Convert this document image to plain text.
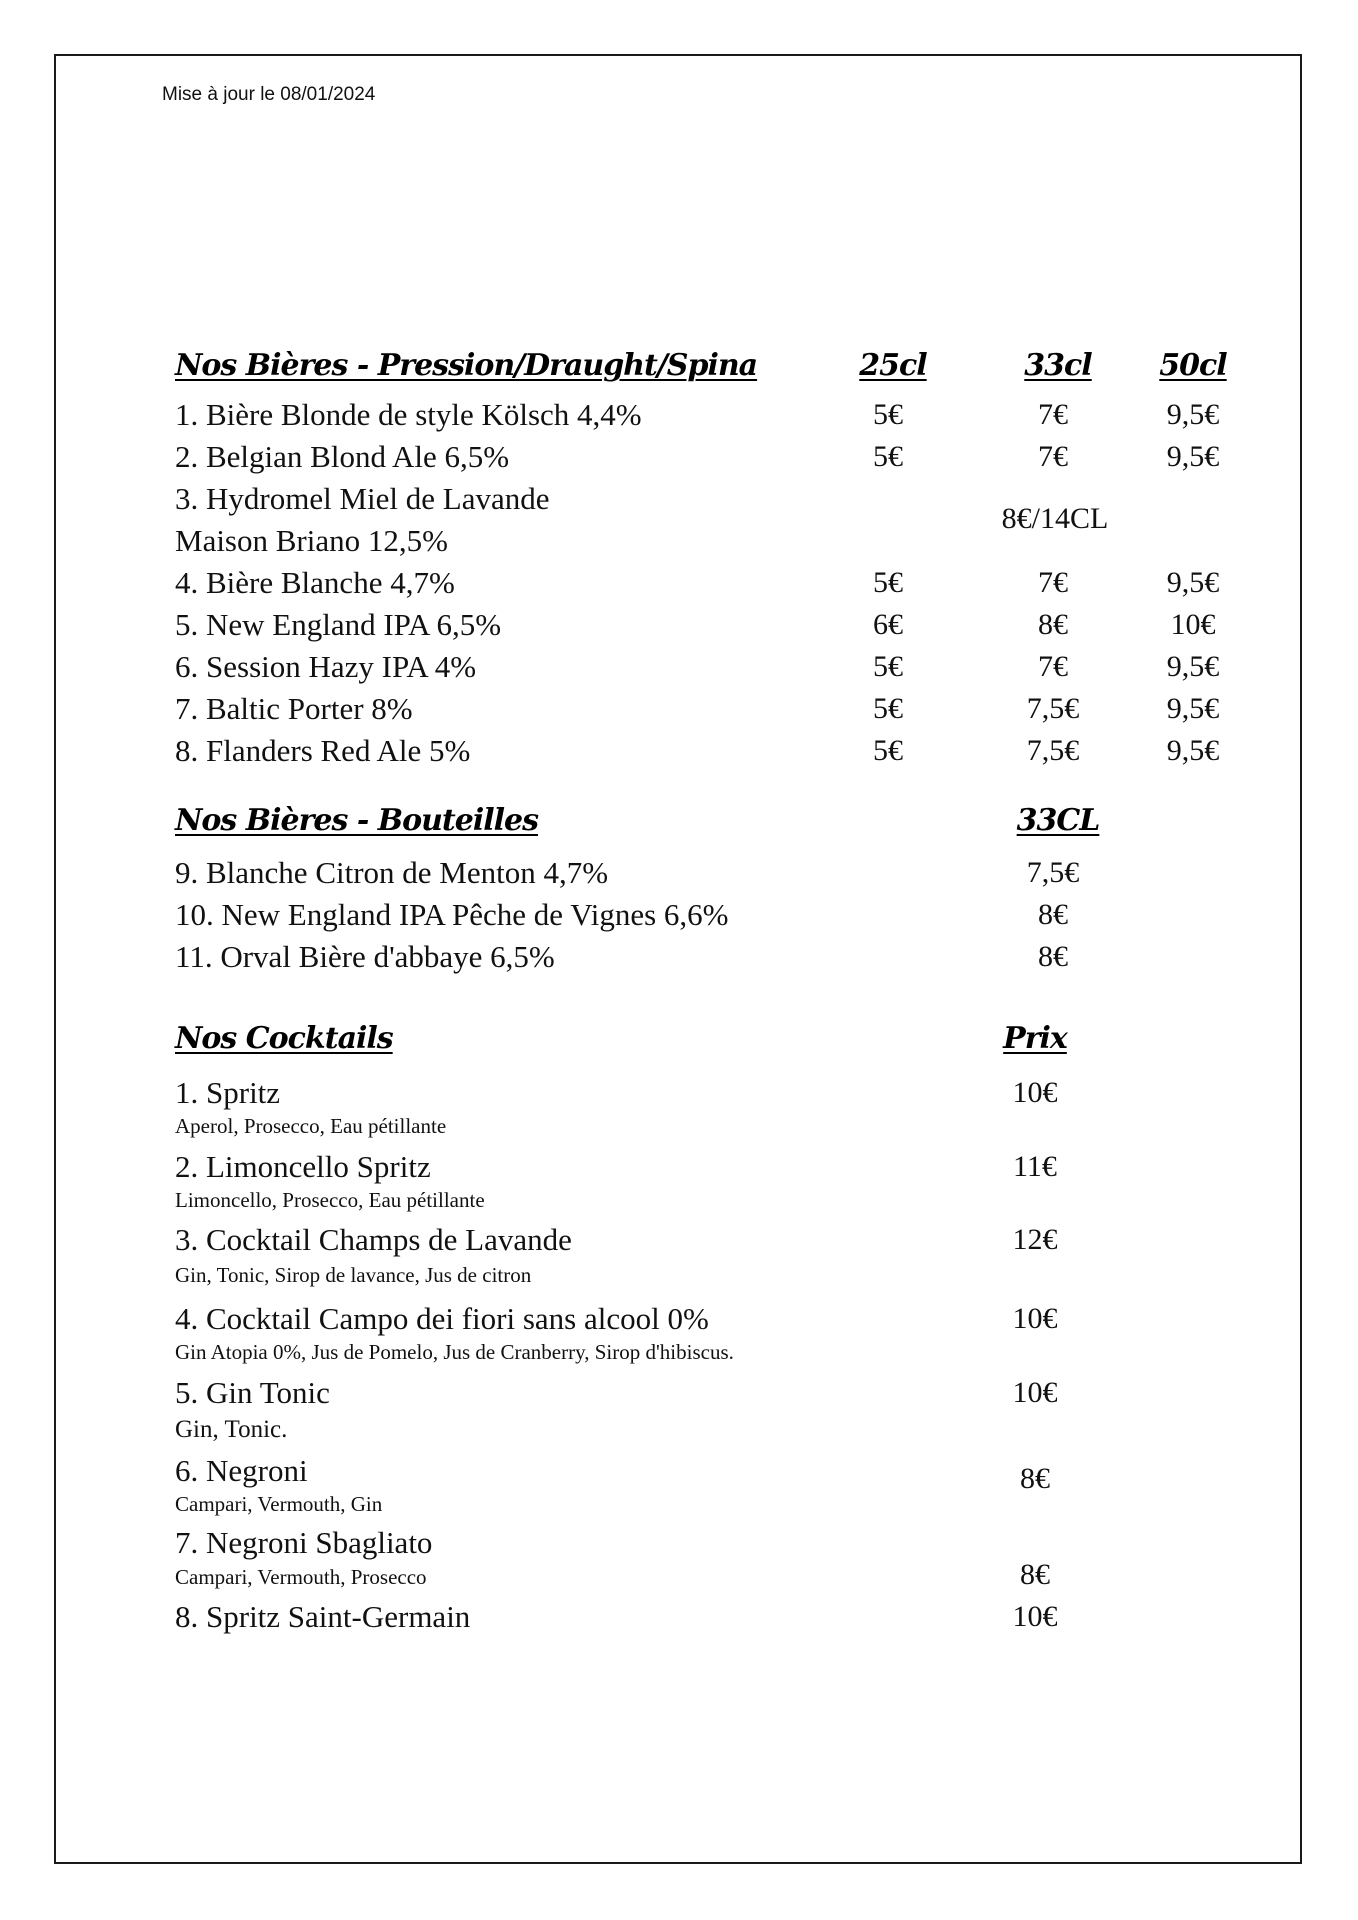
Mise à jour le 08/01/2024
Nos Bières - Pression/Draught/Spina	25cl	33cl	50cl
1. Bière Blonde de style Kölsch 4,4%	5€	7€	9,5€
2. Belgian Blond Ale 6,5%	5€	7€	9,5€
3. Hydromel Miel de Lavande
Maison Briano 12,5%
8€/14CL
4. Bière Blanche 4,7%	5€	7€	9,5€
5. New England IPA 6,5%	6€	8€	10€
6. Session Hazy IPA 4%	5€	7€	9,5€
7. Baltic Porter 8%	5€	7,5€	9,5€
8. Flanders Red Ale 5%	5€	7,5€	9,5€
Nos Bières - Bouteilles	33CL
9. Blanche Citron de Menton 4,7%	7,5€
10. New England IPA Pêche de Vignes 6,6%	8€
11. Orval Bière d'abbaye 6,5%	8€
Nos Cocktails	Prix
1. Spritz	10€
Aperol, Prosecco, Eau pétillante
2. Limoncello Spritz	11€
Limoncello, Prosecco, Eau pétillante
3. Cocktail Champs de Lavande	12€
Gin, Tonic, Sirop de lavance, Jus de citron
4. Cocktail Campo dei fiori sans alcool 0%	10€
Gin Atopia 0%, Jus de Pomelo, Jus de Cranberry, Sirop d'hibiscus.
5. Gin Tonic	10€
Gin, Tonic.
6. Negroni	8€
Campari, Vermouth, Gin
7. Negroni Sbagliato
8€
Campari, Vermouth, Prosecco
8. Spritz Saint-Germain	10€
